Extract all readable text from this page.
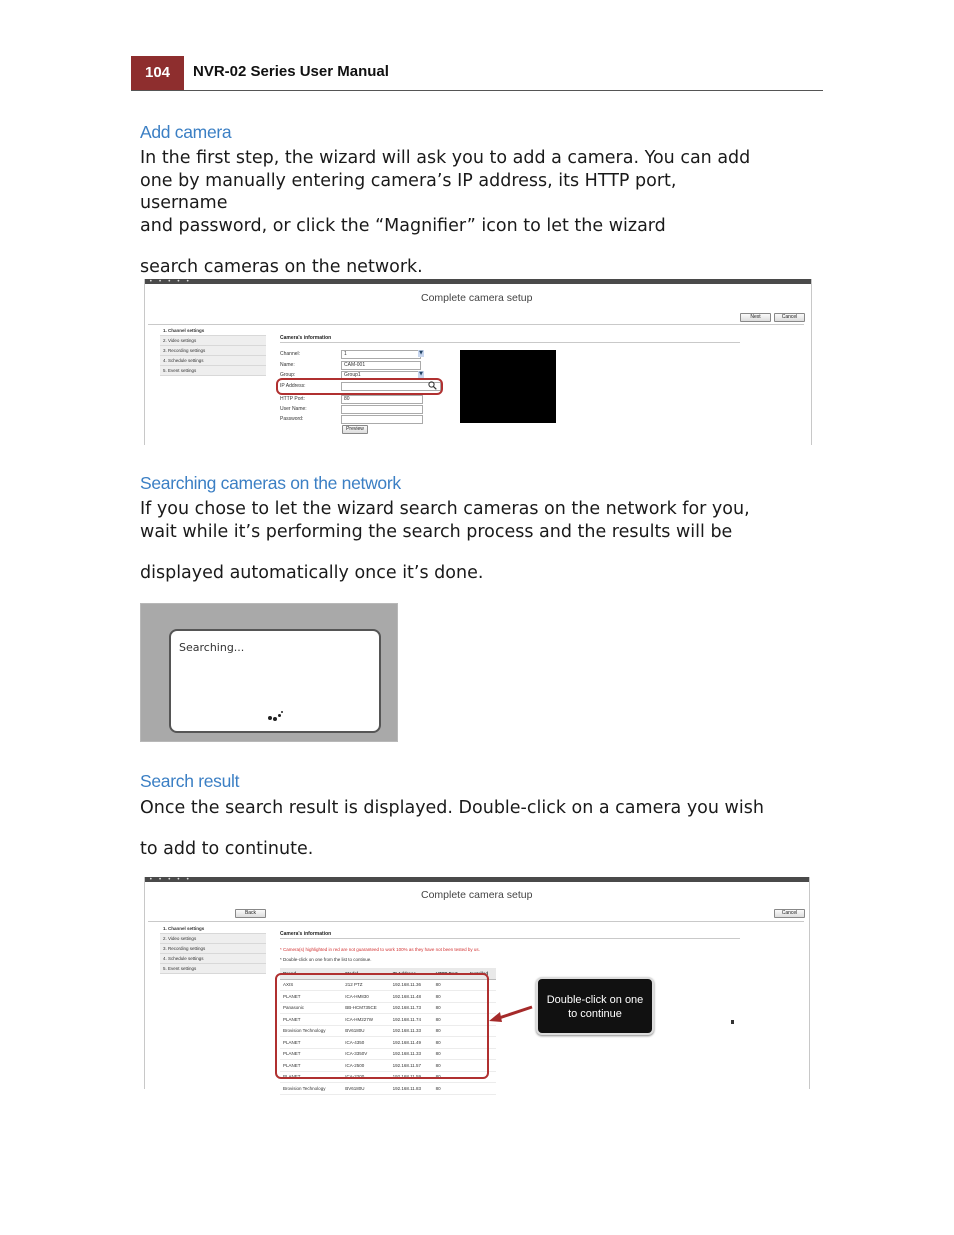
104	NVR-02 Series User Manual
Add camera
In the first step, the wizard will ask you to add a camera. You can add
one by manually entering camera’s IP address, its HTTP port,
username
and password, or click the “Magnifier” icon to let the wizard
search cameras on the network.
• • • • •
Complete camera setup
Next	Cancel
1. Channel settings
2. Video settings
3. Recording settings
4. Schedule settings
5. Event settings
Camera's information
Channel:	1	▼
Name:	CAM-001
Group:	Group1	▼
IP Address:
HTTP Port:	80
User Name:
Password:
Preview
Searching cameras on the network
If you chose to let the wizard search cameras on the network for you,
wait while it’s performing the search process and the results will be
displayed automatically once it’s done.
Searching...
Search result
Once the search result is displayed. Double-click on a camera you wish
to add to continute.
• • • • •
Complete camera setup
Back	Cancel
1. Channel settings
2. Video settings
3. Recording settings
4. Schedule settings
5. Event settings
Camera's information
* Camera(s) highlighted in red are not guaranteed to work 100% as they have not been tested by us.
* Double-click on one from the list to continue.
Brand	Model	IP Address	HTTP Port	Installed
AXIS	212 PTZ	192.168.11.36	80	
PLANET	ICA-HM830	192.168.11.48	80	
Panasonic	BB-HCM735CE	192.168.11.73	80	
PLANET	ICA-HM227W	192.168.11.74	80	
Brovision Technology	BV6180U	192.168.11.33	80	
PLANET	ICA-4350	192.168.11.49	80	
PLANET	ICA-3350V	192.168.11.33	80	
PLANET	ICA-2500	192.168.11.57	80	
PLANET	ICA-2200	192.168.11.59	80	
Brovision Technology	BV6180U	192.168.11.83	80	
Double-click on one
to continue
